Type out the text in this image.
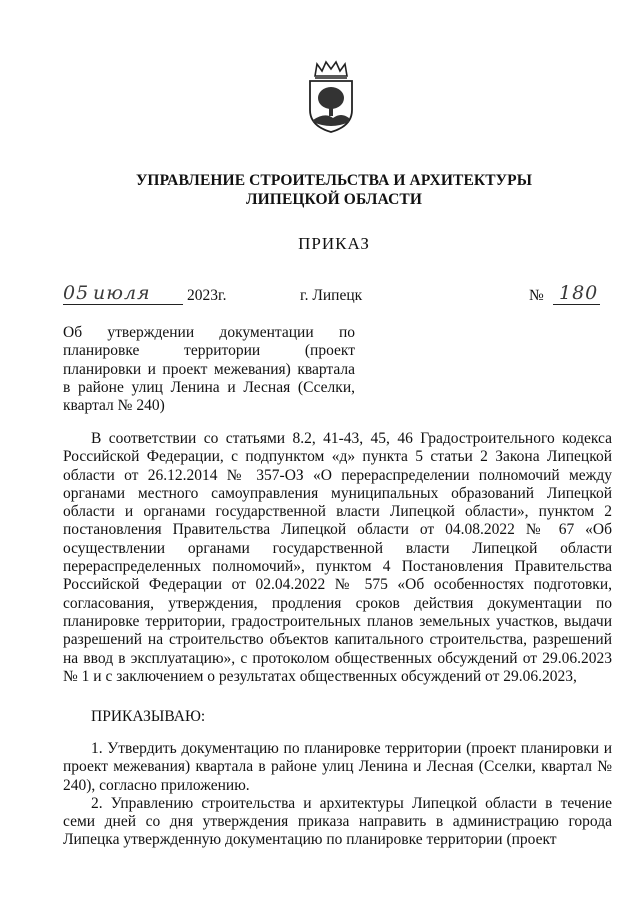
УПРАВЛЕНИЕ СТРОИТЕЛЬСТВА И АРХИТЕКТУРЫ
ЛИПЕЦКОЙ ОБЛАСТИ
ПРИКАЗ
05 июля 2023г.	г. Липецк	№ 180
Об утверждении документации по планировке территории (проект планировки и проект межевания) квартала в районе улиц Ленина и Лесная (Сселки, квартал № 240)

В соответствии со статьями 8.2, 41-43, 45, 46 Градостроительного кодекса Российской Федерации, с подпунктом «д» пункта 5 статьи 2 Закона Липецкой области от 26.12.2014 № 357-ОЗ «О перераспределении полномочий между органами местного самоуправления муниципальных образований Липецкой области и органами государственной власти Липецкой области», пунктом 2 постановления Правительства Липецкой области от 04.08.2022 № 67 «Об осуществлении органами государственной власти Липецкой области перераспределенных полномочий», пунктом 4 Постановления Правительства Российской Федерации от 02.04.2022 № 575 «Об особенностях подготовки, согласования, утверждения, продления сроков действия документации по планировке территории, градостроительных планов земельных участков, выдачи разрешений на строительство объектов капитального строительства, разрешений на ввод в эксплуатацию», с протоколом общественных обсуждений от 29.06.2023 № 1 и с заключением о результатах общественных обсуждений от 29.06.2023,

ПРИКАЗЫВАЮ:

1. Утвердить документацию по планировке территории (проект планировки и проект межевания) квартала в районе улиц Ленина и Лесная (Сселки, квартал № 240), согласно приложению.

2. Управлению строительства и архитектуры Липецкой области в течение семи дней со дня утверждения приказа направить в администрацию города Липецка утвержденную документацию по планировке территории (проект
